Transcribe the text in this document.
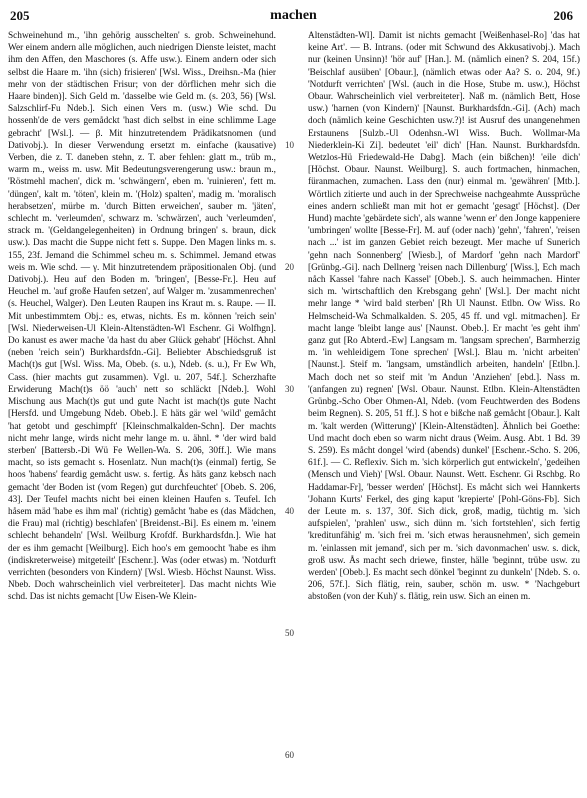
205	machen	206

Schweinehund m., 'ihn gehörig ausschelten' s. grob. Schweinehund. Wer einem andern alle möglichen, auch niedrigen Dienste leistet, macht ihm den Affen, den Maschores (s. Affe usw.). Einem andern oder sich selbst die Haare m. 'ihn (sich) frisieren' [Wsl. Wiss., Dreihsn.-Ma (hier mehr von der städtischen Frisur; von der dörflichen mehr sich die Haare binden)]. Sich Geld m. 'dasselbe wie Geld m. (s. 203, 56) [Wsl. Salzschlirf-Fu Ndeb.]. Sich einen Vers m. (usw.) Wie schd. Du hossenh'de de vers gemådckt 'hast dich selbst in eine schlimme Lage gebracht' [Wsl.]. — β. Mit hinzutretendem Prädikatsnomen (und Dativobj.). In dieser Verwendung ersetzt m. einfache (kausative) Verben, die z. T. daneben stehn, z. T. aber fehlen: glatt m., trüb m., warm m., weiss m. usw. Mit Bedeutungsverengerung usw.: braun m., 'Röstmehl machen', dick m. 'schwängern', eben m. 'ruinieren', fett m. 'düngen', kalt m. 'töten', klein m. '(Holz) spalten', madig m. 'moralisch herabsetzen', mürbe m. 'durch Bitten erweichen', sauber m. 'jäten', schlecht m. 'verleumden', schwarz m. 'schwärzen', auch 'verleumden', strack m. '(Geldangelegenheiten) in Ordnung bringen' s. braun, dick usw.). Das macht die Suppe nicht fett s. Suppe. Den Magen links m. s. 155, 23f. Jemand die Schimmel scheu m. s. Schimmel. Jemand etwas weis m. Wie schd. — γ. Mit hinzutretendem präpositionalen Obj. (und Dativobj.). Heu auf den Boden m. 'bringen', [Besse-Fr.]. Heu auf Heuchel m. 'auf große Haufen setzen', auf Walger m. 'zusammenrechen' (s. Heuchel, Walger). Den Leuten Raupen ins Kraut m. s. Raupe. — II. Mit unbestimmtem Obj.: es, etwas, nichts. Es m. können 'reich sein' [Wsl. Niederweisen-Ul Klein-Altenstädten-Wl Eschenr. Gi Wolfhgn]. Do kanust es awer mache 'da hast du aber Glück gehabt' [Höchst. Ahnl (neben 'reich sein') Burkhardsfdn.-Gi]. Beliebter Abschiedsgruß ist Mach(t)s gut [Wsl. Wiss. Ma, Obeb. (s. u.), Ndeb. (s. u.), Fr Ew Wh, Cass. (hier machts gut zusammen). Vgl. u. 207, 54f.]. Scherzhafte Erwiderung Mach(t)s öö 'auch' nett so schläckt [Ndeb.]. Wohl Mischung aus Mach(t)s gut und gute Nacht ist mach(t)s gute Nacht [Hersfd. und Umgebung Ndeb. Obeb.]. E häts gär wel 'wild' gemåcht 'hat getobt und geschimpft' [Kleinschmalkalden-Schn]. Der machts nicht mehr lange, wirds nicht mehr lange m. u. ähnl. * 'der wird bald sterben' [Battersb.-Di Wü Fe Wellen-Wa. S. 206, 30ff.]. Wie mans macht, so ists gemacht s. Hosenlatz. Nun mach(t)s (einmal) fertig, Se hoos 'habens' feardig gemåcht usw. s. fertig. Ås häts ganz kebsch nach gemacht 'der Boden ist (vom Regen) gut durchfeuchtet' [Obeb. S. 206, 43]. Der Teufel machts nicht bei einen kleinen Haufen s. Teufel. Ich håsem mäd 'habe es ihm mal' (richtig) gemåcht 'habe es (das Mädchen, die Frau) mal (richtig) beschlafen' [Breidenst.-Bi]. Es einem m. 'einem schlecht behandeln' [Wsl. Weilburg Krofdf. Burkhardsfdn.]. Wie hat der es ihm gemacht [Weilburg]. Eich hoo's em gemoocht 'habe es ihm (indiskreterweise) mitgeteilt' [Eschenr.]. Was (oder etwas) m. 'Notdurft verrichten (besonders von Kindern)' [Wsl. Wiesb. Höchst Naunst. Wiss. Nbeb. Doch wahrscheinlich viel verbreiteter]. Das macht nichts Wie schd. Das ist nichts gemacht [Uw Eisen-We Klein-

10
20
30
40
50
60

Altenstädten-Wl]. Damit ist nichts gemacht [Weißenhasel-Ro] 'das hat keine Art'. — B. Intrans. (oder mit Schwund des Akkusativobj.). Mach nur (keinen Unsinn)! 'hör auf' [Han.]. M. (nämlich einen? S. 204, 15f.) 'Beischlaf ausüben' [Obaur.], (nämlich etwas oder Aa? S. o. 204, 9f.) 'Notdurft verrichten' [Wsl. (auch in die Hose, Stube m. usw.), Höchst Obaur. Wahrscheinlich viel verbreiteter]. Naß m. (nämlich Bett, Hose usw.) 'harnen (von Kindern)' [Naunst. Burkhardsfdn.-Gi]. (Ach) mach doch (nämlich keine Geschichten usw.?)! ist Ausruf des unangenehmen Erstaunens [Sulzb.-Ul Odenhsn.-Wl Wiss. Buch. Wollmar-Ma Niederklein-Ki Zi]. bedeutet 'eil' dich' [Han. Naunst. Burkhardsfdn. Wetzlos-Hü Friedewald-He Dabg]. Mach (ein bißchen)! 'eile dich' [Höchst. Obaur. Naunst. Weilburg]. S. auch fortmachen, hinmachen, füranmachen, zumachen. Lass den (nur) einmal m. 'gewähren' [Mtb.]. Wörtlich zitierte und auch in der Sprechweise nachgeahmte Aussprüche eines andern schließt man mit hot er gemacht 'gesagt' [Höchst]. (Der Hund) machte 'gebärdete sich', als wanne 'wenn er' den Jonge kappeniere 'umbringen' wollte [Besse-Fr]. M. auf (oder nach) 'gehn', 'fahren', 'reisen nach ...' ist im ganzen Gebiet reich bezeugt. Mer mache uf Sunerich 'gehn nach Sonnenberg' [Wiesb.], of Mardorf 'gehn nach Mardorf' [Grünbg.-Gi]. nach Dellnerg 'reisen nach Dillenburg' [Wiss.], Ech mach nåch Kassel 'fahre nach Kassel' [Obeb.]. S. auch heimmachen. Hinter sich m. 'wirtschaftlich den Krebsgang gehn' [Wsl.]. Der macht nicht mehr lange * 'wird bald sterben' [Rh Ul Naunst. Etlbn. Ow Wiss. Ro Helmscheid-Wa Schmalkalden. S. 205, 45 ff. und vgl. mitmachen]. Er macht lange 'bleibt lange aus' [Naunst. Obeb.]. Er macht 'es geht ihm' ganz gut [Ro Abterd.-Ew] Langsam m. 'langsam sprechen', Barmherzig m. 'in wehleidigem Tone sprechen' [Wsl.]. Blau m. 'nicht arbeiten' [Naunst.]. Steif m. 'langsam, umständlich arbeiten, handeln' [Etlbn.]. Mach doch net so steif mit 'm Andun 'Anziehen' [ebd.]. Nass m. '(anfangen zu) regnen' [Wsl. Obaur. Naunst. Etlbn. Klein-Altenstädten Grünbg.-Scho Ober Ohmen-Al, Ndeb. (vom Feuchtwerden des Bodens beim Regnen). S. 205, 51 ff.]. S hot e bißche naß gemåcht [Obaur.]. Kalt m. 'kalt werden (Witterung)' [Klein-Altenstädten]. Ähnlich bei Goethe: Und macht doch eben so warm nicht draus (Weim. Ausg. Abt. 1 Bd. 39 S. 259). Es måcht dongel 'wird (abends) dunkel' [Eschenr.-Scho. S. 206, 61f.]. — C. Reflexiv. Sich m. 'sich körperlich gut entwickeln', 'gedeihen (Mensch und Vieh)' [Wsl. Obaur. Naunst. Wett. Eschenr. Gi Rschbg. Ro Haddamar-Fr], 'besser werden' [Höchst]. Es måcht sich wei Hannkerts 'Johann Kurts' Ferkel, des ging kaput 'krepierte' [Pohl-Göns-Fb]. Sich der Leute m. s. 137, 30f. Sich dick, groß, madig, tüchtig m. 'sich aufspielen', 'prahlen' usw., sich dünn m. 'sich fortstehlen', sich fertig 'kreditunfähig' m. 'sich frei m. 'sich etwas herausnehmen', sich gemein m. 'einlassen mit jemand', sich per m. 'sich davonmachen' usw. s. dick, groß usw. Ås macht sech driewe, finster, hälle 'beginnt, trübe usw. zu werden' [Obeb.]. Es macht sech dönkel 'beginnt zu dunkeln' [Ndeb. S. o. 206, 57f.]. Sich flätig, rein, sauber, schön m. usw. * 'Nachgeburt abstoßen (von der Kuh)' s. flätig, rein usw. Sich an einen m.
